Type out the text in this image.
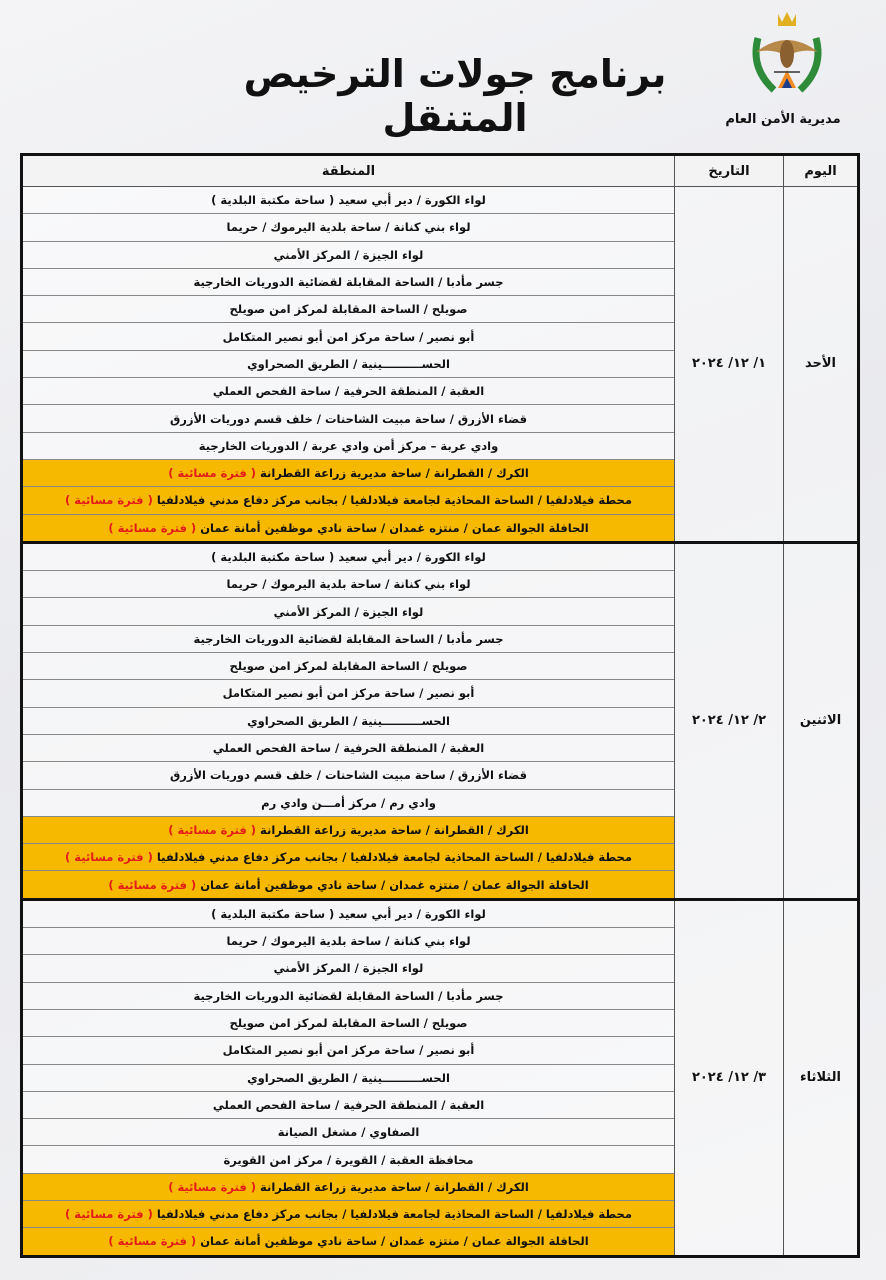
مديرية الأمن العام
برنامج جولات الترخيص المتنقل
اليوم	التاريخ	المنطقة
الأحد	١/ ١٢/ ٢٠٢٤	لواء الكورة / دير أبي سعيد ( ساحة مكتبة البلدية )
		لواء بني كنانة / ساحة بلدية اليرموك / حريما
		لواء الجيزة / المركز الأمني
		جسر مأدبا / الساحة المقابلة لقضائية الدوريات الخارجية
		صويلح / الساحة المقابلة لمركز امن صويلح
		أبو نصير / ساحة مركز امن أبو نصير المتكامل
		الحســــــــــينية / الطريق الصحراوي
		العقبة / المنطقة الحرفية / ساحة الفحص العملي
		قضاء الأزرق / ساحة مبيت الشاحنات / خلف قسم دوريات الأزرق
		وادي عربة – مركز أمن وادي عربة / الدوريات الخارجية
		الكرك / القطرانة / ساحة مديرية زراعة القطرانة ( فترة مسائية )
		محطة فيلادلفيا / الساحة المحاذية لجامعة فيلادلفيا / بجانب مركز دفاع مدني فيلادلفيا ( فترة مسائية )
		الحافلة الجوالة عمان / منتزه غمدان / ساحة نادي موظفين أمانة عمان ( فترة مسائية )
الاثنين	٢/ ١٢/ ٢٠٢٤	لواء الكورة / دير أبي سعيد ( ساحة مكتبة البلدية )
		لواء بني كنانة / ساحة بلدية اليرموك / حريما
		لواء الجيزة / المركز الأمني
		جسر مأدبا / الساحة المقابلة لقضائية الدوريات الخارجية
		صويلح / الساحة المقابلة لمركز امن صويلح
		أبو نصير / ساحة مركز امن أبو نصير المتكامل
		الحســــــــــينية / الطريق الصحراوي
		العقبة / المنطقة الحرفية / ساحة الفحص العملي
		قضاء الأزرق / ساحة مبيت الشاحنات / خلف قسم دوريات الأزرق
		وادي رم / مركز أمـــن وادي رم
		الكرك / القطرانة / ساحة مديرية زراعة القطرانة ( فترة مسائية )
		محطة فيلادلفيا / الساحة المحاذية لجامعة فيلادلفيا / بجانب مركز دفاع مدني فيلادلفيا ( فترة مسائية )
		الحافلة الجوالة عمان / منتزه غمدان / ساحة نادي موظفين أمانة عمان ( فترة مسائية )
الثلاثاء	٣/ ١٢/ ٢٠٢٤	لواء الكورة / دير أبي سعيد ( ساحة مكتبة البلدية )
		لواء بني كنانة / ساحة بلدية اليرموك / حريما
		لواء الجيزة / المركز الأمني
		جسر مأدبا / الساحة المقابلة لقضائية الدوريات الخارجية
		صويلح / الساحة المقابلة لمركز امن صويلح
		أبو نصير / ساحة مركز امن أبو نصير المتكامل
		الحســــــــــينية / الطريق الصحراوي
		العقبة / المنطقة الحرفية / ساحة الفحص العملي
		الصفاوي / مشغل الصيانة
		محافظة العقبة / القويرة / مركز امن القويرة
		الكرك / القطرانة / ساحة مديرية زراعة القطرانة ( فترة مسائية )
		محطة فيلادلفيا / الساحة المحاذية لجامعة فيلادلفيا / بجانب مركز دفاع مدني فيلادلفيا ( فترة مسائية )
		الحافلة الجوالة عمان / منتزه غمدان / ساحة نادي موظفين أمانة عمان ( فترة مسائية )
